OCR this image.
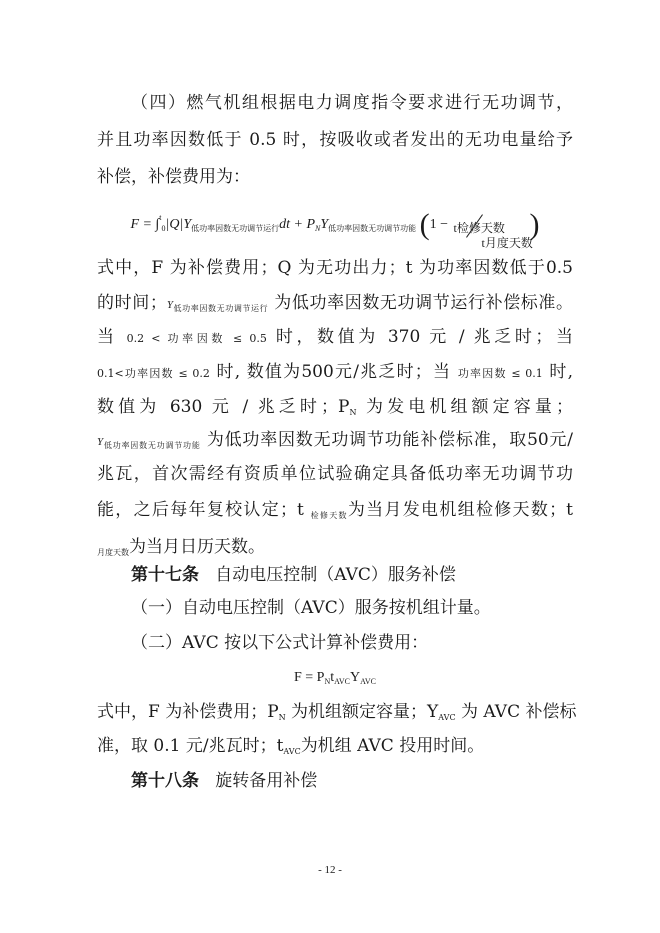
（四）燃气机组根据电力调度指令要求进行无功调节，
并且功率因数低于 0.5 时，按吸收或者发出的无功电量给予
补偿，补偿费用为：
$F = \int^t_0|Q|Y_{低功率因数无功调节运行}dt + P_NY_{低功率因数无功调节功能}$ (1 − t检修天数
t月度天数
)
式中，F 为补偿费用；Q 为无功出力；t 为功率因数低于0.5
的时间；$Y_{低功率因数无功调节运行}$ 为低功率因数无功调节运行补偿标准。
当 0.2 < 功率因数 ≤ 0.5 时，数值为 370 元 / 兆乏时；当
0.1<功率因数 ≤ 0.2 时, 数值为500元/兆乏时；当 功率因数 ≤ 0.1 时,
数值为 630 元 / 兆乏时；$P_N$ 为发电机组额定容量；
$Y_{低功率因数无功调节功能}$ 为低功率因数无功调节功能补偿标准，取50元/
兆瓦，首次需经有资质单位试验确定具备低功率无功调节功
能，之后每年复校认定；t $_{检修天数}$为当月发电机组检修天数；t
$_{月度天数}$为当月日历天数。
第十七条 自动电压控制（AVC）服务补偿
（一）自动电压控制（AVC）服务按机组计量。
（二）AVC 按以下公式计算补偿费用：
$F = P_Nt_{AVC}Y_{AVC}$
式中，F 为补偿费用；$P_N$ 为机组额定容量；$Y_{AVC}$ 为 AVC 补偿标
准，取 0.1 元/兆瓦时；$t_{AVC}$为机组 AVC 投用时间。
第十八条 旋转备用补偿
- 12 -
